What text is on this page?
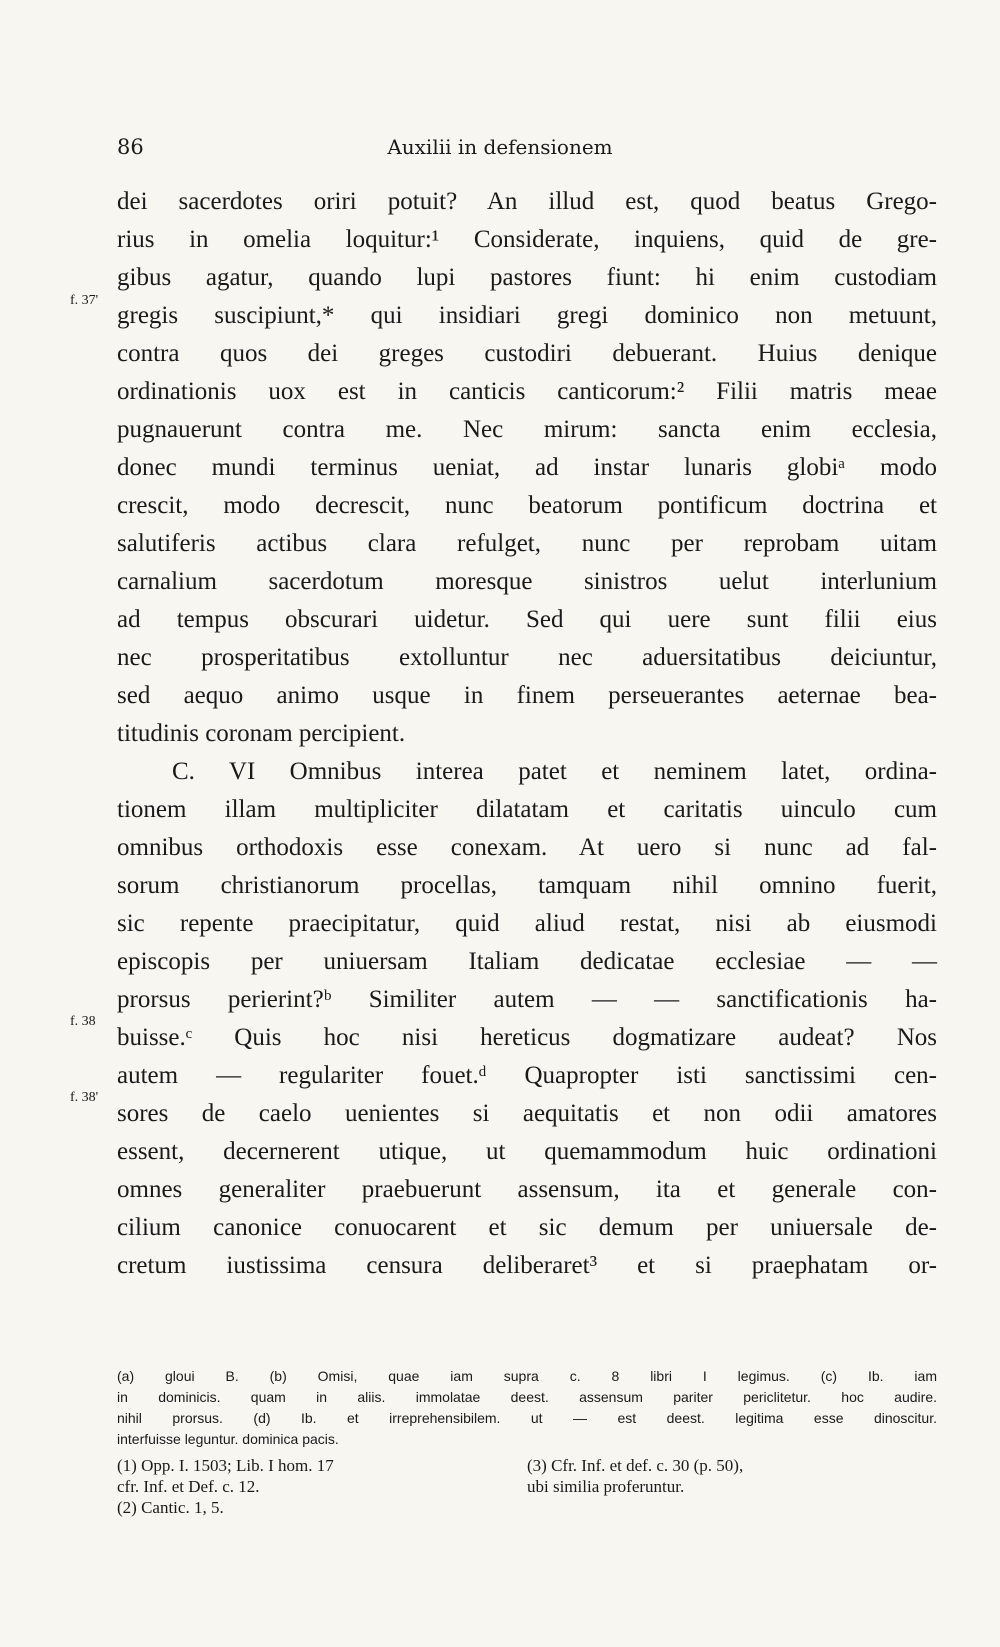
86	Auxilii in defensionem
f. 37'
f. 38
f. 38'
dei sacerdotes oriri potuit? An illud est, quod beatus Grego-
rius in omelia loquitur:¹ Considerate, inquiens, quid de gre-
gibus agatur, quando lupi pastores fiunt: hi enim custodiam
gregis suscipiunt,* qui insidiari gregi dominico non metuunt,
contra quos dei greges custodiri debuerant. Huius denique
ordinationis uox est in canticis canticorum:² Filii matris meae
pugnauerunt contra me. Nec mirum: sancta enim ecclesia,
donec mundi terminus ueniat, ad instar lunaris globiᵃ modo
crescit, modo decrescit, nunc beatorum pontificum doctrina et
salutiferis actibus clara refulget, nunc per reprobam uitam
carnalium sacerdotum moresque sinistros uelut interlunium
ad tempus obscurari uidetur. Sed qui uere sunt filii eius
nec prosperitatibus extolluntur nec aduersitatibus deiciuntur,
sed aequo animo usque in finem perseuerantes aeternae bea-
titudinis coronam percipient.
C. VI Omnibus interea patet et neminem latet, ordina-
tionem illam multipliciter dilatatam et caritatis uinculo cum
omnibus orthodoxis esse conexam. At uero si nunc ad fal-
sorum christianorum procellas, tamquam nihil omnino fuerit,
sic repente praecipitatur, quid aliud restat, nisi ab eiusmodi
episcopis per uniuersam Italiam dedicatae ecclesiae — —
prorsus perierint?ᵇ Similiter autem — — sanctificationis ha-
buisse.ᶜ Quis hoc nisi hereticus dogmatizare audeat? Nos
autem — regulariter fouet.ᵈ Quapropter isti sanctissimi cen-
sores de caelo uenientes si aequitatis et non odii amatores
essent, decernerent utique, ut quemammodum huic ordinationi
omnes generaliter praebuerunt assensum, ita et generale con-
cilium canonice conuocarent et sic demum per uniuersale de-
cretum iustissima censura deliberaret³ et si praephatam or-
(a) gloui B. (b) Omisi, quae iam supra c. 8 libri I legimus. (c) Ib. iam
in dominicis. quam in aliis. immolatae deest. assensum pariter periclitetur. hoc audire.
nihil prorsus. (d) Ib. et irreprehensibilem. ut — est deest. legitima esse dinoscitur.
interfuisse leguntur. dominica pacis.
(1) Opp. I. 1503; Lib. I hom. 17	(3) Cfr. Inf. et def. c. 30 (p. 50),
cfr. Inf. et Def. c. 12.	ubi similia proferuntur.
(2) Cantic. 1, 5.
